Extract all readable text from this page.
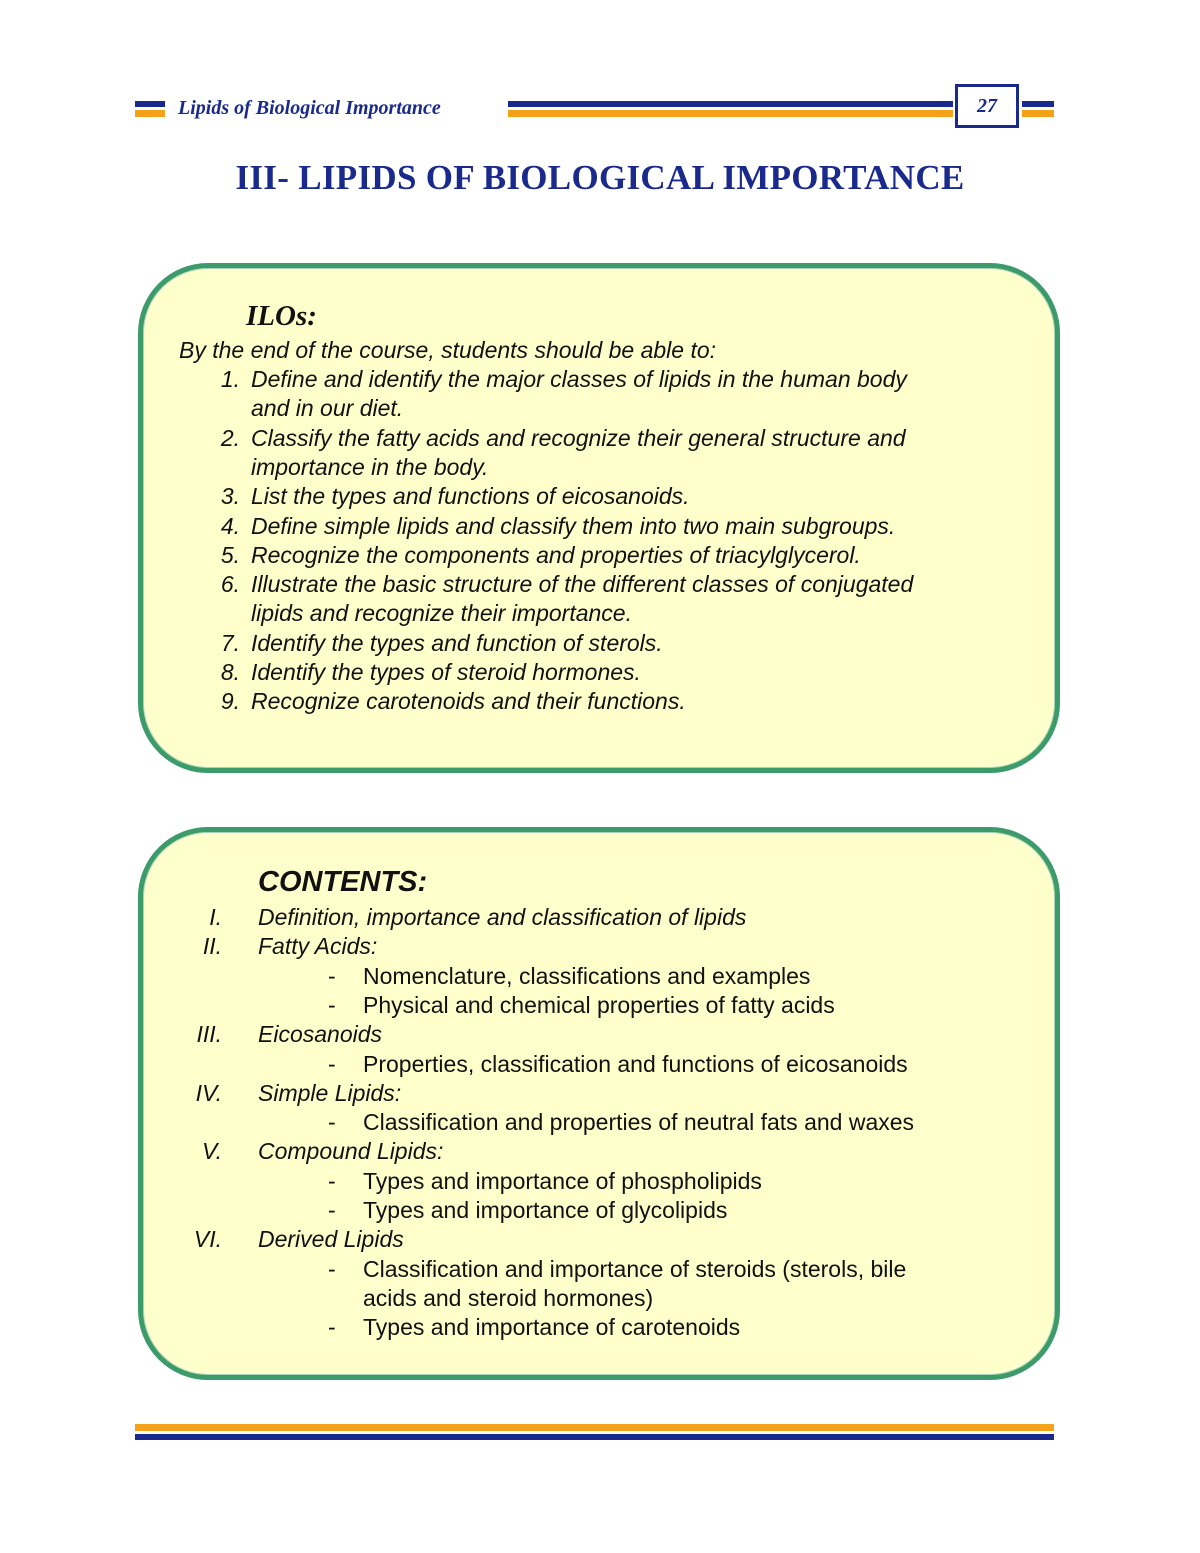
Lipids of Biological Importance	27
III- LIPIDS OF BIOLOGICAL IMPORTANCE
ILOs:
By the end of the course, students should be able to:
CONTENTS:
1. Define and identify the major classes of lipids in the human body
and in our diet.
2. Classify the fatty acids and recognize their general structure and
importance in the body.
3. List the types and functions of eicosanoids.
4. Define simple lipids and classify them into two main subgroups.
5. Recognize the components and properties of triacylglycerol.
6. Illustrate the basic structure of the different classes of conjugated
lipids and recognize their importance.
7. Identify the types and function of sterols.
8. Identify the types of steroid hormones.
9. Recognize carotenoids and their functions.
I. Definition, importance and classification of lipids
II. Fatty Acids:
- Nomenclature, classifications and examples
- Physical and chemical properties of fatty acids
III. Eicosanoids
- Properties, classification and functions of eicosanoids
IV. Simple Lipids:
- Classification and properties of neutral fats and waxes
V. Compound Lipids:
- Types and importance of phospholipids
- Types and importance of glycolipids
VI. Derived Lipids
- Classification and importance of steroids (sterols, bile
acids and steroid hormones)
- Types and importance of carotenoids
